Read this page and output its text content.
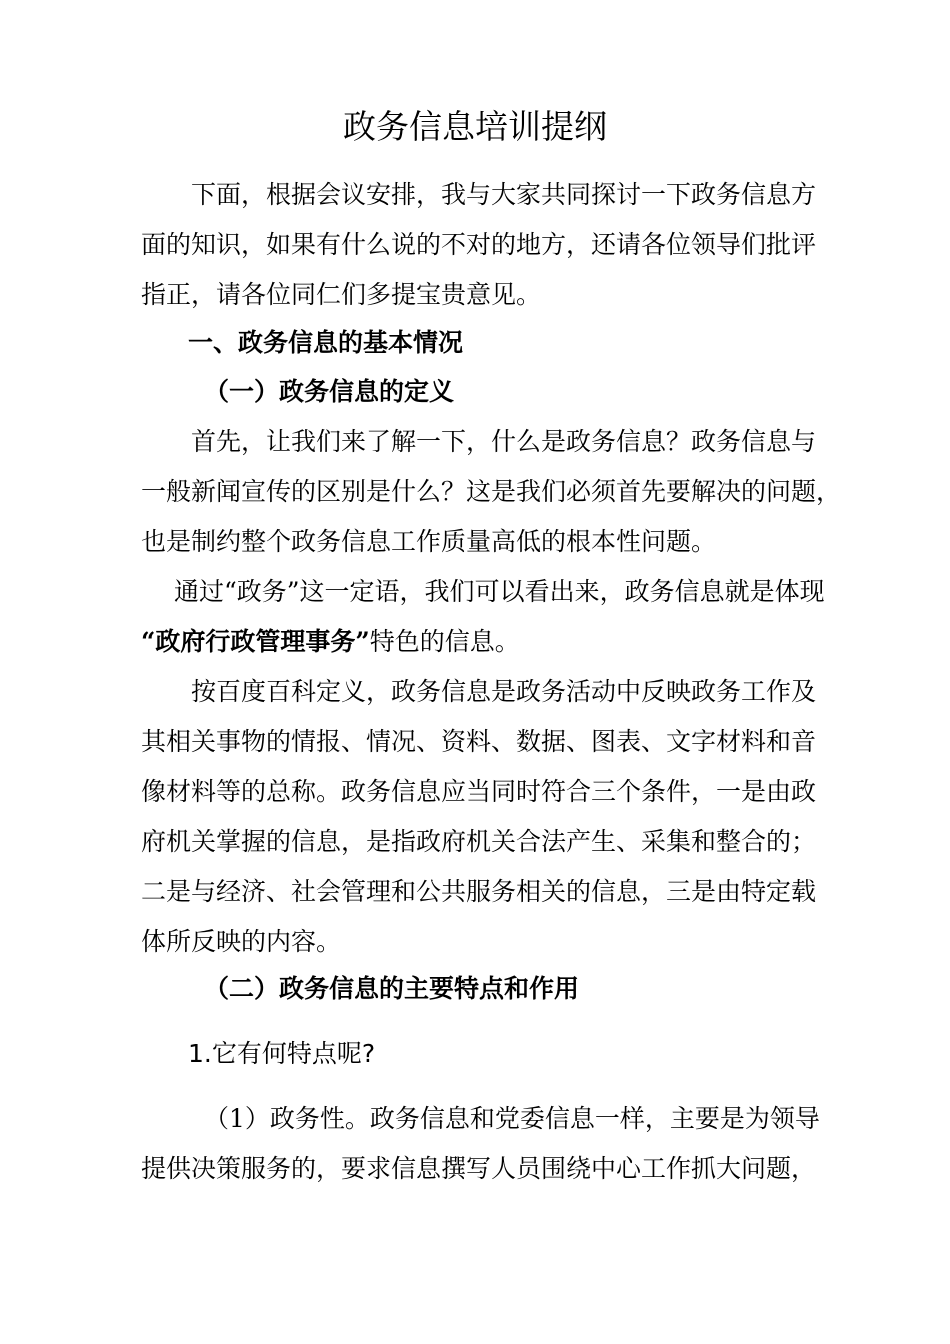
政务信息培训提纲
下面，根据会议安排，我与大家共同探讨一下政务信息方
面的知识，如果有什么说的不对的地方，还请各位领导们批评
指正，请各位同仁们多提宝贵意见。
一、政务信息的基本情况
（一）政务信息的定义
首先，让我们来了解一下，什么是政务信息？政务信息与
一般新闻宣传的区别是什么？这是我们必须首先要解决的问题，
也是制约整个政务信息工作质量高低的根本性问题。
通过“政务”这一定语，我们可以看出来，政务信息就是体现
“政府行政管理事务”特色的信息。
按百度百科定义，政务信息是政务活动中反映政务工作及
其相关事物的情报、情况、资料、数据、图表、文字材料和音
像材料等的总称。政务信息应当同时符合三个条件，一是由政
府机关掌握的信息，是指政府机关合法产生、采集和整合的；
二是与经济、社会管理和公共服务相关的信息，三是由特定载
体所反映的内容。
（二）政务信息的主要特点和作用

1.它有何特点呢?

（1）政务性。政务信息和党委信息一样，主要是为领导
提供决策服务的，要求信息撰写人员围绕中心工作抓大问题，
